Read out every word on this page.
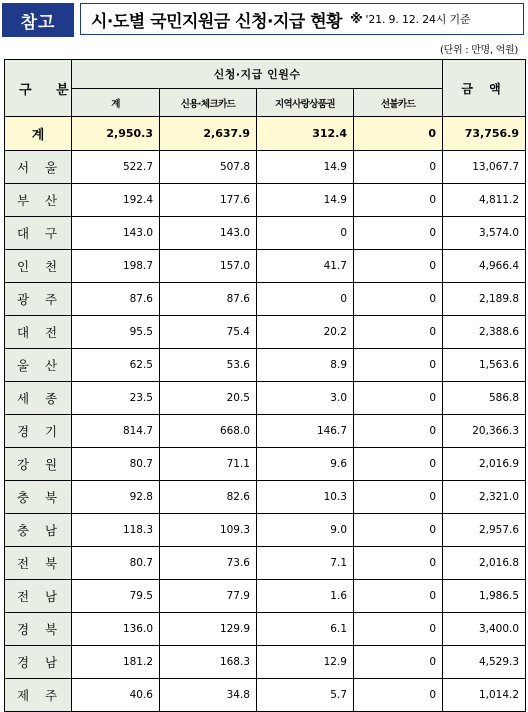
참고	시·도별 국민지원금 신청·지급 현황 ※ '21. 9. 12. 24시 기준
(단위 : 만명, 억원)
구 분	신청·지급 인원수				금 액
	계	신용·체크카드	지역사랑상품권	선불카드	
계	2,950.3	2,637.9	312.4	0	73,756.9
서 울	522.7	507.8	14.9	0	13,067.7
부 산	192.4	177.6	14.9	0	4,811.2
대 구	143.0	143.0	0	0	3,574.0
인 천	198.7	157.0	41.7	0	4,966.4
광 주	87.6	87.6	0	0	2,189.8
대 전	95.5	75.4	20.2	0	2,388.6
울 산	62.5	53.6	8.9	0	1,563.6
세 종	23.5	20.5	3.0	0	586.8
경 기	814.7	668.0	146.7	0	20,366.3
강 원	80.7	71.1	9.6	0	2,016.9
충 북	92.8	82.6	10.3	0	2,321.0
충 남	118.3	109.3	9.0	0	2,957.6
전 북	80.7	73.6	7.1	0	2,016.8
전 남	79.5	77.9	1.6	0	1,986.5
경 북	136.0	129.9	6.1	0	3,400.0
경 남	181.2	168.3	12.9	0	4,529.3
제 주	40.6	34.8	5.7	0	1,014.2
